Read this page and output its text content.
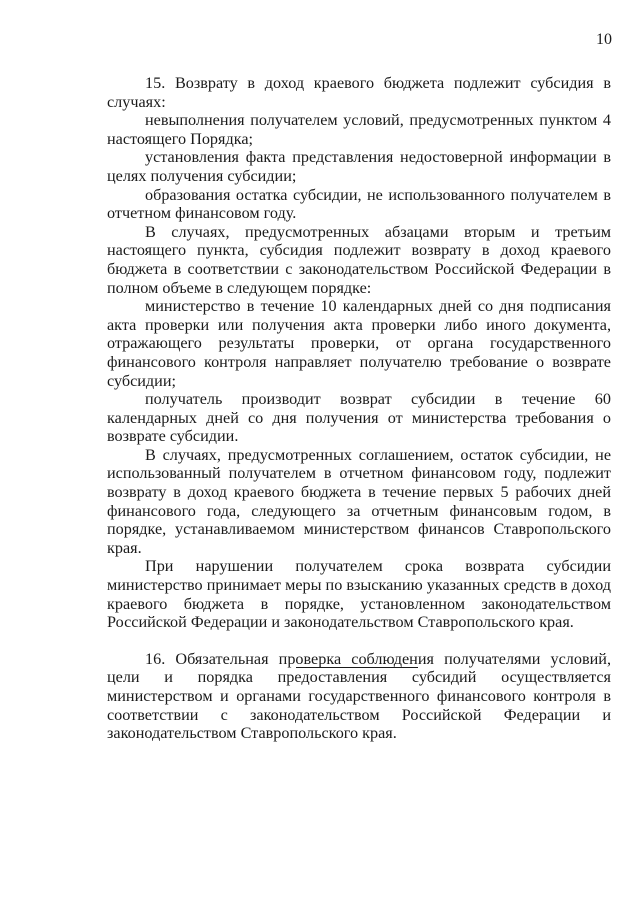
10

15. Возврату в доход краевого бюджета подлежит субсидия в случаях:

невыполнения получателем условий, предусмотренных пунктом 4 настоящего Порядка;

установления факта представления недостоверной информации в целях получения субсидии;

образования остатка субсидии, не использованного получателем в отчетном финансовом году.

В случаях, предусмотренных абзацами вторым и третьим настоящего пункта, субсидия подлежит возврату в доход краевого бюджета в соответствии с законодательством Российской Федерации в полном объеме в следующем порядке:

министерство в течение 10 календарных дней со дня подписания акта проверки или получения акта проверки либо иного документа, отражающего результаты проверки, от органа государственного финансового контроля направляет получателю требование о возврате субсидии;

получатель производит возврат субсидии в течение 60 календарных дней со дня получения от министерства требования о возврате субсидии.

В случаях, предусмотренных соглашением, остаток субсидии, не использованный получателем в отчетном финансовом году, подлежит возврату в доход краевого бюджета в течение первых 5 рабочих дней финансового года, следующего за отчетным финансовым годом, в порядке, устанавливаемом министерством финансов Ставропольского края.

При нарушении получателем срока возврата субсидии министерство принимает меры по взысканию указанных средств в доход краевого бюджета в порядке, установленном законодательством Российской Федерации и законодательством Ставропольского края.

16. Обязательная проверка соблюдения получателями условий, цели и порядка предоставления субсидий осуществляется министерством и органами государственного финансового контроля в соответствии с законодательством Российской Федерации и законодательством Ставропольского края.
